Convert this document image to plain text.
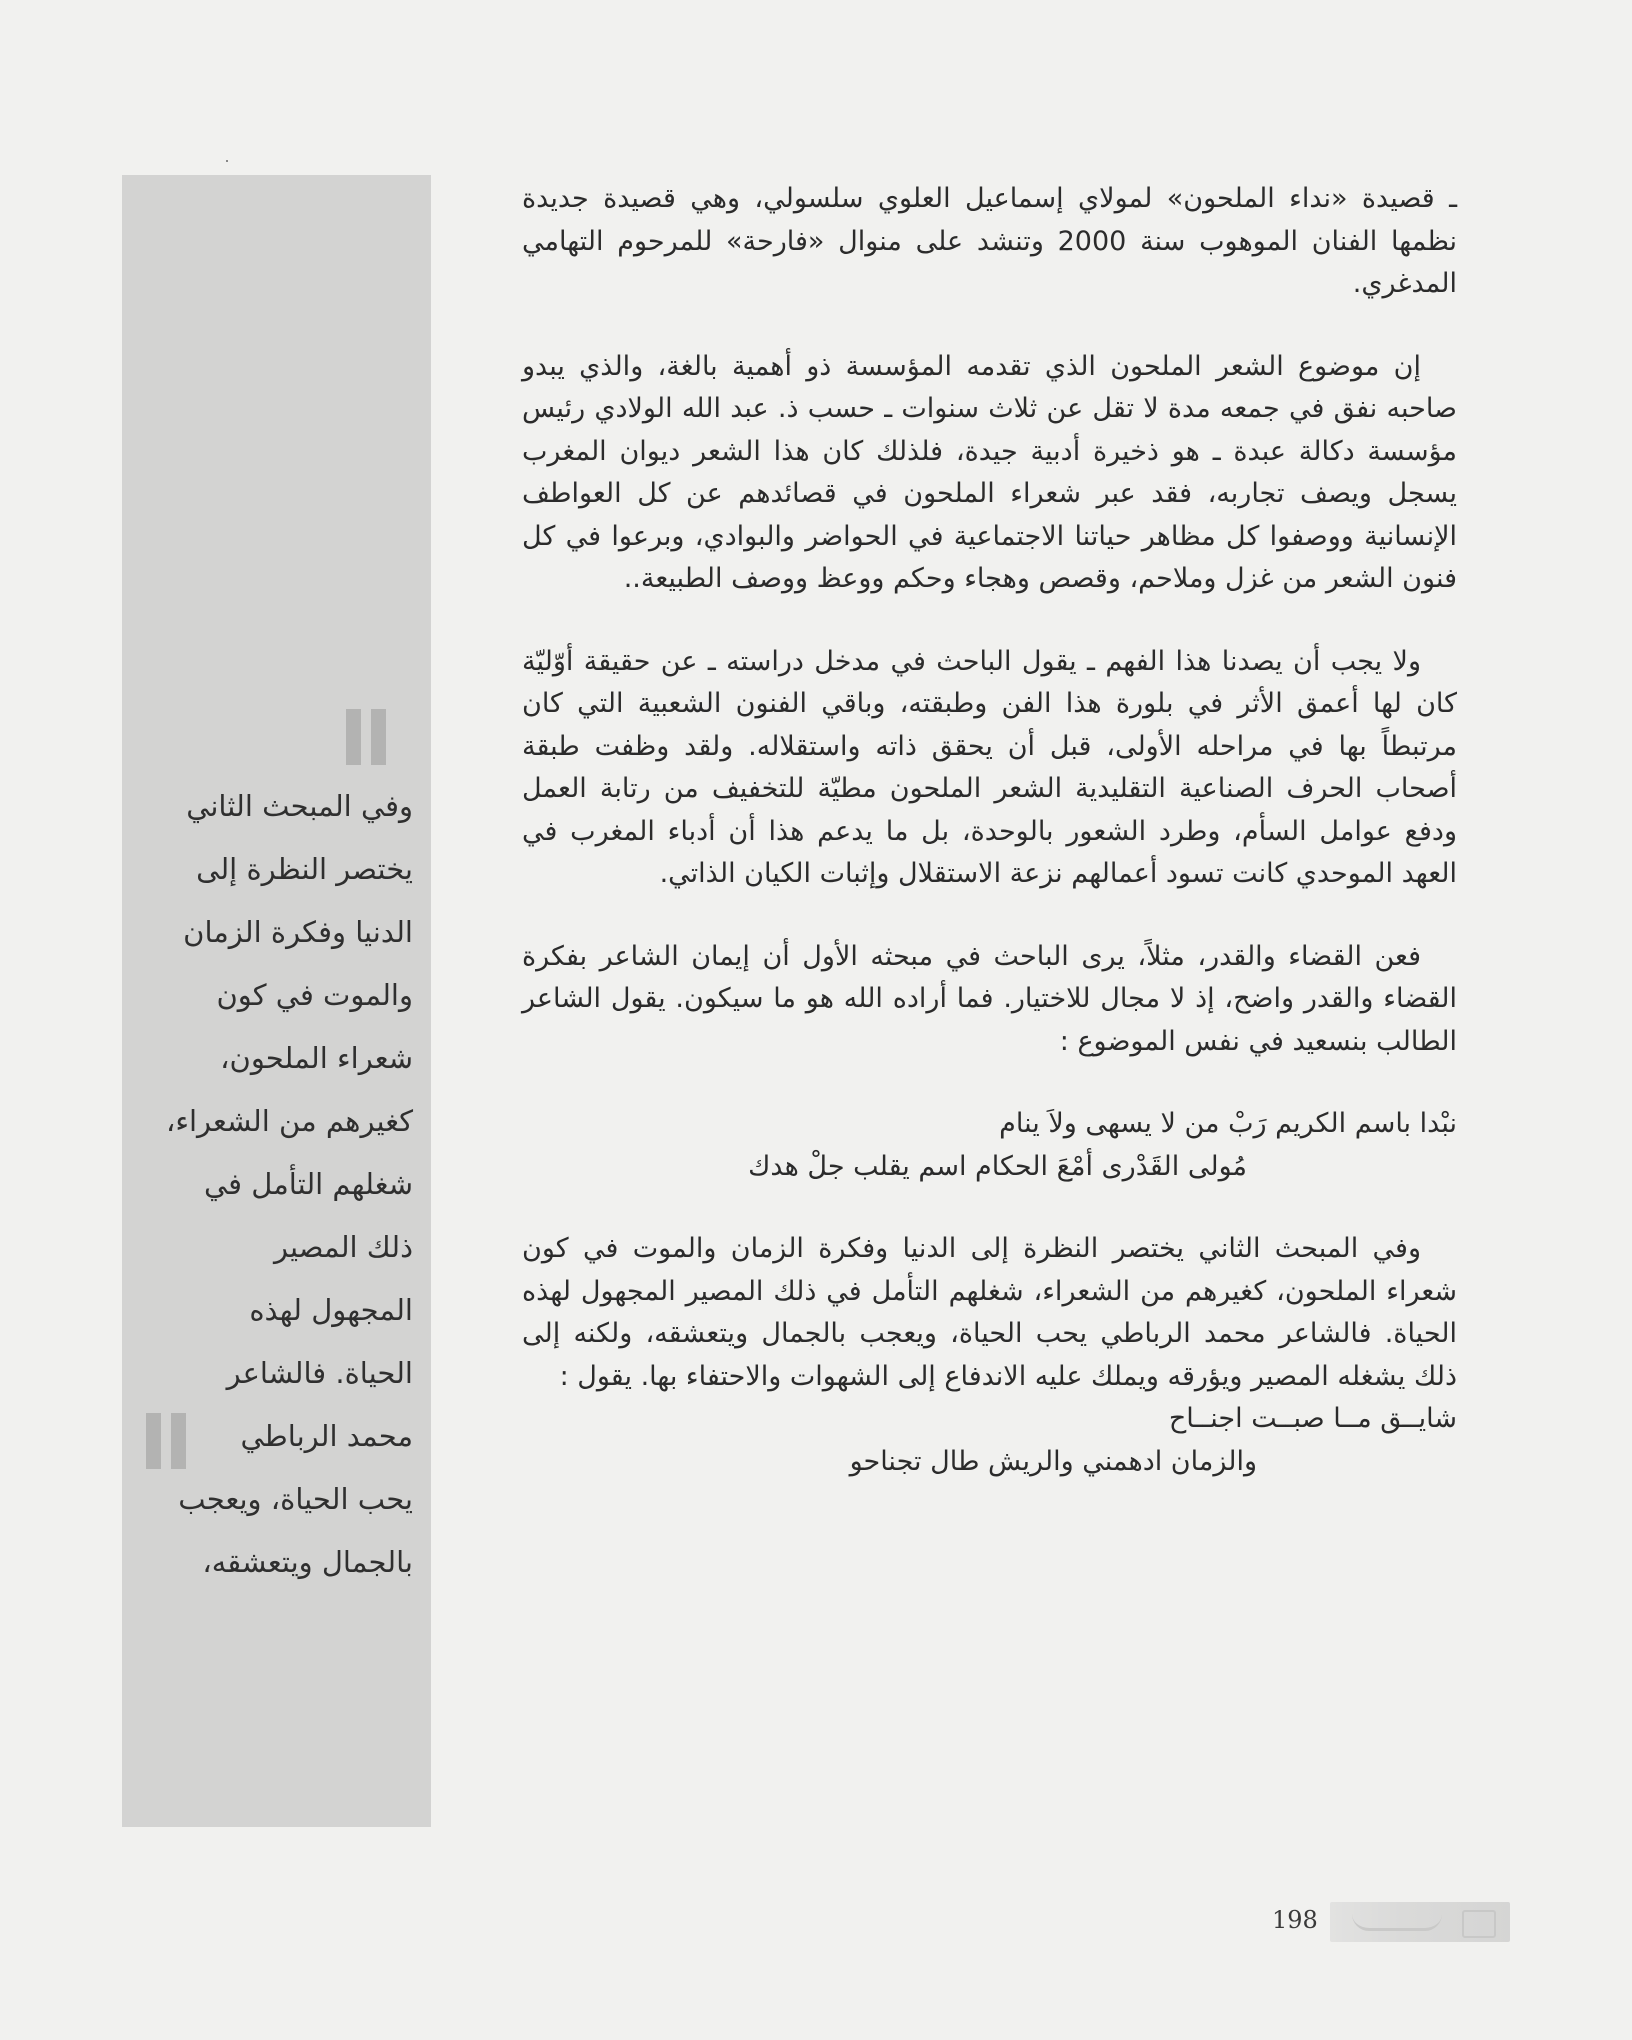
وفي المبحث الثاني
يختصر النظرة إلى
الدنيا وفكرة الزمان
والموت في كون
شعراء الملحون،
كغيرهم من الشعراء،
شغلهم التأمل في
ذلك المصير
المجهول لهذه
الحياة. فالشاعر
محمد الرباطي
يحب الحياة، ويعجب
بالجمال ويتعشقه،

ـ قصيدة «نداء الملحون» لمولاي إسماعيل العلوي سلسولي، وهي قصيدة جديدة نظمها الفنان الموهوب سنة 2000 وتنشد على منوال «فارحة» للمرحوم التهامي المدغري.

إن موضوع الشعر الملحون الذي تقدمه المؤسسة ذو أهمية بالغة، والذي يبدو صاحبه نفق في جمعه مدة لا تقل عن ثلاث سنوات ـ حسب ذ. عبد الله الولادي رئيس مؤسسة دكالة عبدة ـ هو ذخيرة أدبية جيدة، فلذلك كان هذا الشعر ديوان المغرب يسجل ويصف تجاربه، فقد عبر شعراء الملحون في قصائدهم عن كل العواطف الإنسانية ووصفوا كل مظاهر حياتنا الاجتماعية في الحواضر والبوادي، وبرعوا في كل فنون الشعر من غزل وملاحم، وقصص وهجاء وحكم ووعظ ووصف الطبيعة..

ولا يجب أن يصدنا هذا الفهم ـ يقول الباحث في مدخل دراسته ـ عن حقيقة أوّليّة كان لها أعمق الأثر في بلورة هذا الفن وطبقته، وباقي الفنون الشعبية التي كان مرتبطاً بها في مراحله الأولى، قبل أن يحقق ذاته واستقلاله. ولقد وظفت طبقة أصحاب الحرف الصناعية التقليدية الشعر الملحون مطيّة للتخفيف من رتابة العمل ودفع عوامل السأم، وطرد الشعور بالوحدة، بل ما يدعم هذا أن أدباء المغرب في العهد الموحدي كانت تسود أعمالهم نزعة الاستقلال وإثبات الكيان الذاتي.

فعن القضاء والقدر، مثلاً، يرى الباحث في مبحثه الأول أن إيمان الشاعر بفكرة القضاء والقدر واضح، إذ لا مجال للاختيار. فما أراده الله هو ما سيكون. يقول الشاعر الطالب بنسعيد في نفس الموضوع :

نبْدا باسم الكريم رَبْ من لا يسهى ولاَ ينام
مُولى القَدْرى أمْعَ الحكام اسم يقلب جلْ هدك

وفي المبحث الثاني يختصر النظرة إلى الدنيا وفكرة الزمان والموت في كون شعراء الملحون، كغيرهم من الشعراء، شغلهم التأمل في ذلك المصير المجهول لهذه الحياة. فالشاعر محمد الرباطي يحب الحياة، ويعجب بالجمال ويتعشقه، ولكنه إلى ذلك يشغله المصير ويؤرقه ويملك عليه الاندفاع إلى الشهوات والاحتفاء بها. يقول :

شايــق مــا صبــت اجنــاح
والزمان ادهمني والريش طال تجناحو
198
